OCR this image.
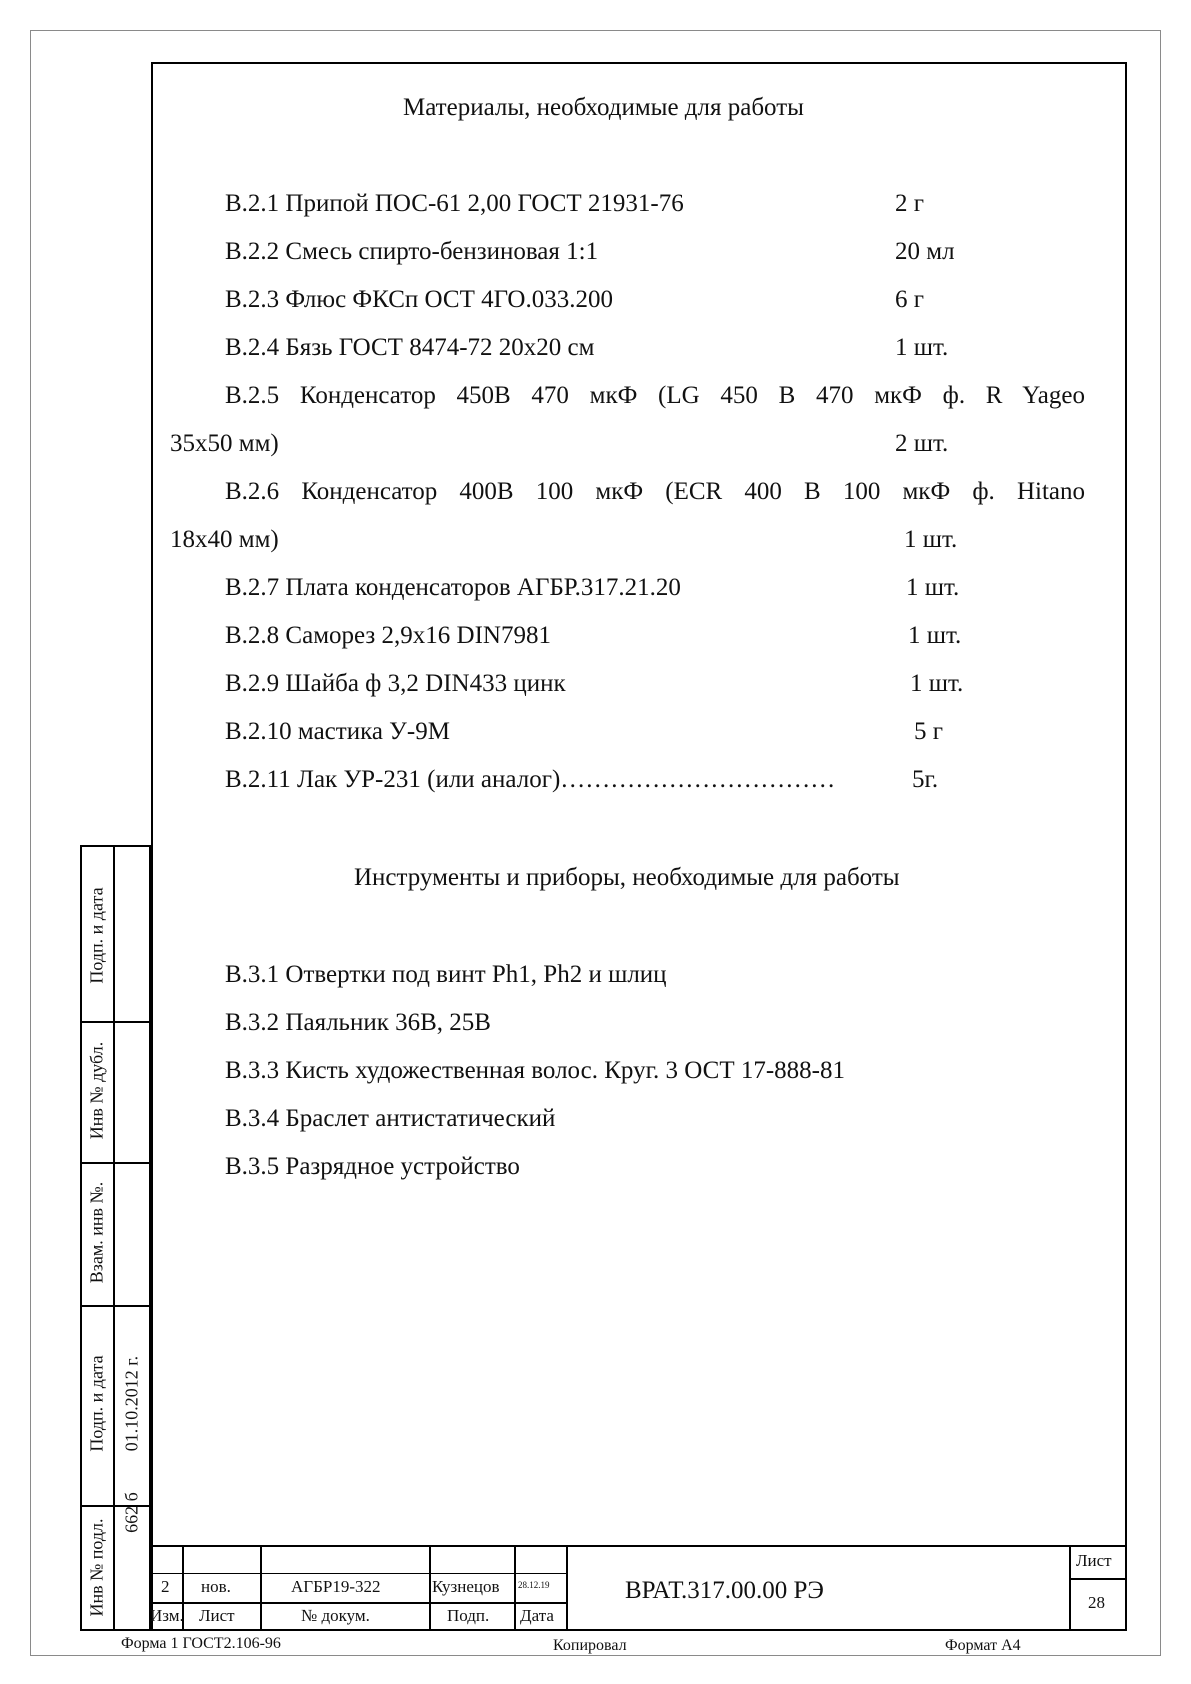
Материалы, необходимые для работы
В.2.1 Припой ПОС-61 2,00 ГОСТ 21931-76	2 г
В.2.2 Смесь спирто-бензиновая 1:1	20 мл
В.2.3 Флюс ФКСп ОСТ 4ГО.033.200	6 г
В.2.4 Бязь ГОСТ 8474-72 20х20 см	1 шт.
В.2.5 Конденсатор 450В 470 мкФ (LG 450 В 470 мкФ ф. R Yageo
35х50 мм)	2 шт.
В.2.6 Конденсатор 400В 100 мкФ (ECR 400 В 100 мкФ ф. Hitano
18х40 мм)	1 шт.
В.2.7 Плата конденсаторов АГБР.317.21.20	1 шт.
В.2.8 Саморез 2,9х16 DIN7981	1 шт.
В.2.9 Шайба ф 3,2 DIN433 цинк	1 шт.
В.2.10 мастика У-9М	5 г
В.2.11 Лак УР-231 (или аналог)……………………………	5г.
Инструменты и приборы, необходимые для работы
В.3.1 Отвертки под винт Ph1, Ph2 и шлиц
В.3.2 Паяльник 36В, 25В
В.3.3 Кисть художественная волос. Круг. 3 ОСТ 17-888-81
В.3.4 Браслет антистатический
В.3.5 Разрядное устройство
Подп. и дата
Инв № дубл.
Взам. инв №.
Подп. и дата 01.10.2012 г.
Инв № подл.
662 б
2 нов.	АГБР19-322	Кузнецов 28.12.19
Изм. Лист	№ докум.	Подп. Дата
ВРАТ.317.00.00 РЭ
Лист
28
Форма 1 ГОСТ2.106-96	Копировал	Формат А4
